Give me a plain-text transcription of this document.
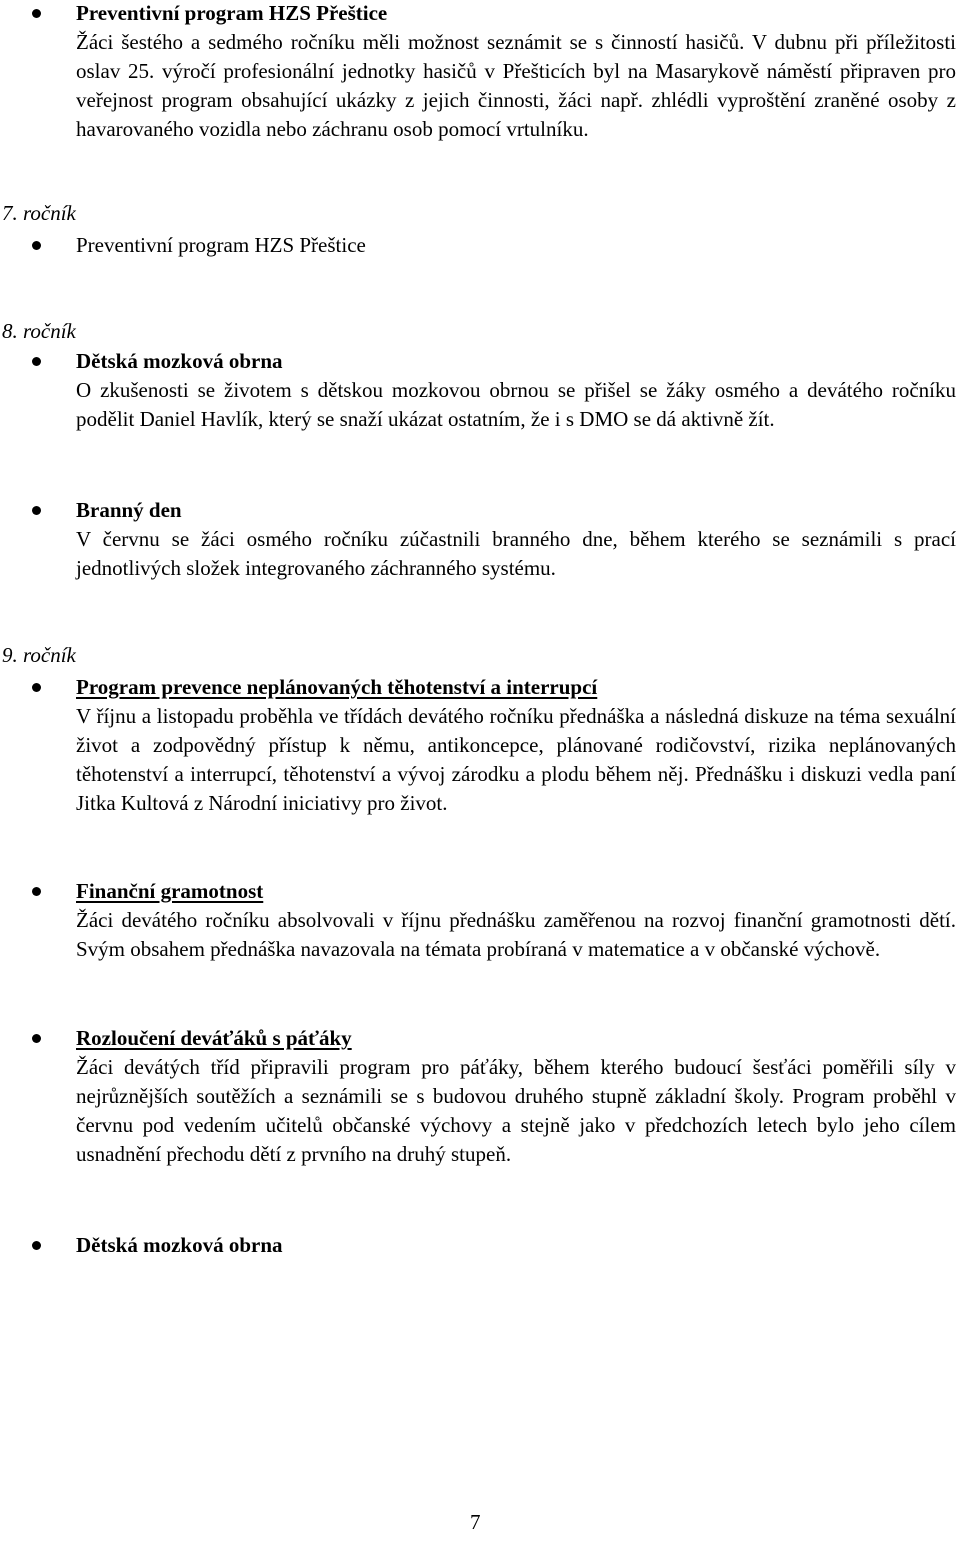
Preventivní program HZS Přeštice
Žáci šestého a sedmého ročníku měli možnost seznámit se s činností hasičů. V dubnu při příležitosti oslav 25. výročí profesionální jednotky hasičů v Přešticích byl na Masarykově náměstí připraven pro veřejnost program obsahující ukázky z jejich činnosti, žáci např. zhlédli vyproštění zraněné osoby z havarovaného vozidla nebo záchranu osob pomocí vrtulníku.
7. ročník
Preventivní program HZS Přeštice
8. ročník
Dětská mozková obrna
O zkušenosti se životem s dětskou mozkovou obrnou se přišel se žáky osmého a devátého ročníku podělit Daniel Havlík, který se snaží ukázat ostatním, že i s DMO se dá aktivně žít.
Branný den
V červnu se žáci osmého ročníku zúčastnili branného dne, během kterého se seznámili s prací jednotlivých složek integrovaného záchranného systému.
9. ročník
Program prevence neplánovaných těhotenství a interrupcí
V říjnu a listopadu proběhla ve třídách devátého ročníku přednáška a následná diskuze na téma sexuální život a zodpovědný přístup k němu, antikoncepce, plánované rodičovství, rizika neplánovaných těhotenství a interrupcí, těhotenství a vývoj zárodku a plodu během něj. Přednášku i diskuzi vedla paní Jitka Kultová z Národní iniciativy pro život.
Finanční gramotnost
Žáci devátého ročníku absolvovali v říjnu přednášku zaměřenou na rozvoj finanční gramotnosti dětí. Svým obsahem přednáška navazovala na témata probíraná v matematice a v občanské výchově.
Rozloučení deváťáků s páťáky
Žáci devátých tříd připravili program pro páťáky, během kterého budoucí šesťáci poměřili síly v nejrůznějších soutěžích a seznámili se s budovou druhého stupně základní školy. Program proběhl v červnu pod vedením učitelů občanské výchovy a stejně jako v předchozích letech bylo jeho cílem usnadnění přechodu dětí z prvního na druhý stupeň.
Dětská mozková obrna
7
